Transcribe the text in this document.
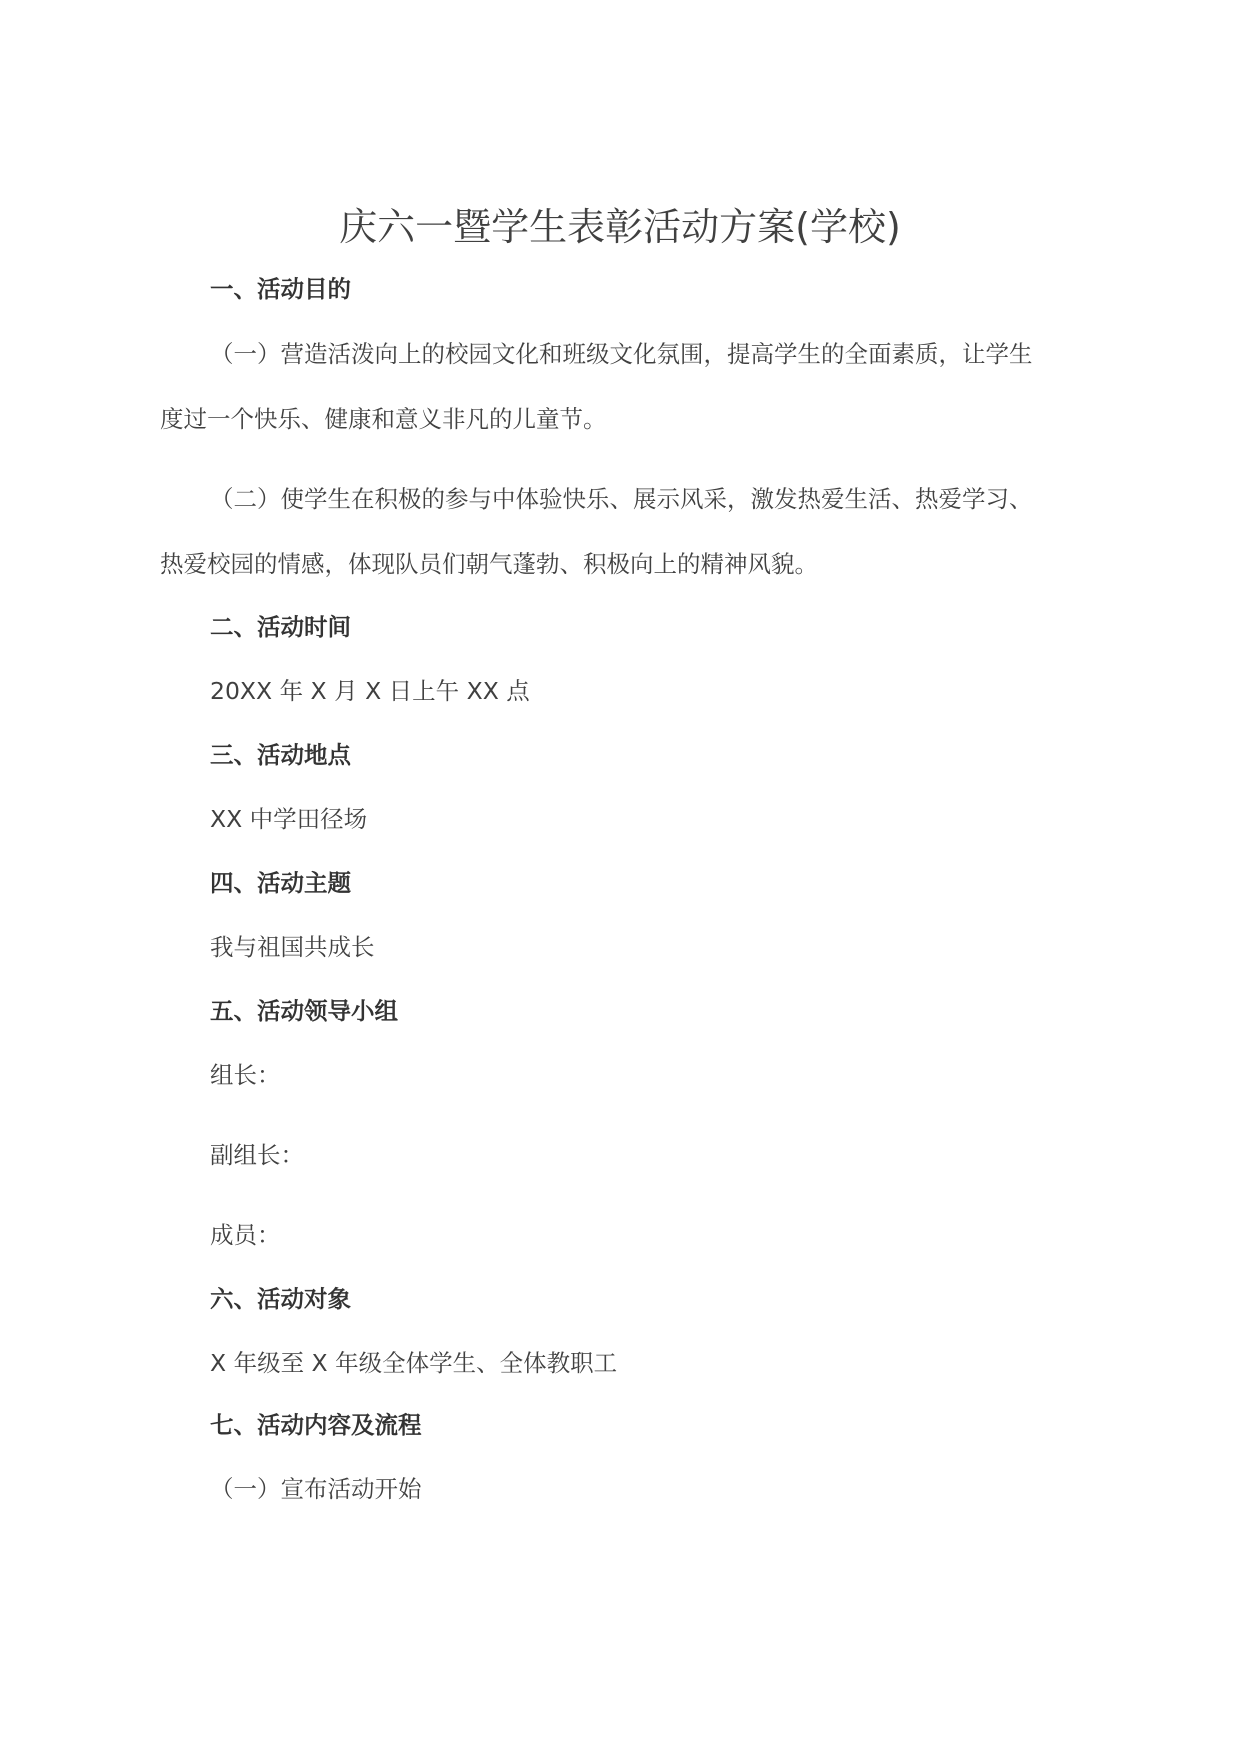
庆六一暨学生表彰活动方案(学校)
一、活动目的
（一）营造活泼向上的校园文化和班级文化氛围，提高学生的全面素质，让学生
度过一个快乐、健康和意义非凡的儿童节。
（二）使学生在积极的参与中体验快乐、展示风采，激发热爱生活、热爱学习、
热爱校园的情感，体现队员们朝气蓬勃、积极向上的精神风貌。
二、活动时间
20XX 年 X 月 X 日上午 XX 点
三、活动地点
XX 中学田径场
四、活动主题
我与祖国共成长
五、活动领导小组
组长：
副组长：
成员：
六、活动对象
X 年级至 X 年级全体学生、全体教职工
七、活动内容及流程
（一）宣布活动开始
